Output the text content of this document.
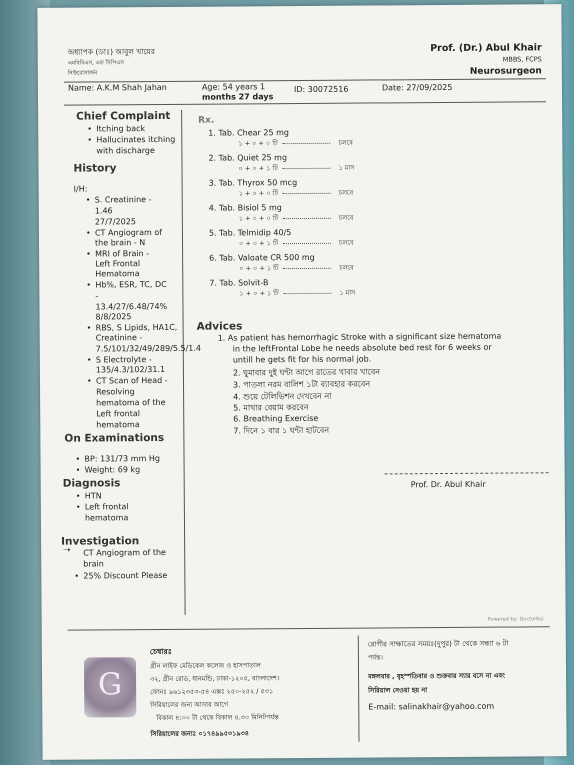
অধ্যাপক (ডাঃ) আবুল খায়ের
এমবিবিএস, এফ সিপিএস
নিউরোসার্জন
Prof. (Dr.) Abul Khair
MBBS, FCPS
Neurosurgeon
Name: A.K.M Shah Jahan	Age: 54 years 1
months 27 days
ID: 30072516	Date: 27/09/2025
Chief Complaint
• Itching back
• Hallucinates itching
with discharge
History
I/H:
• S. Creatinine -
1.46
27/7/2025
• CT Angiogram of
the brain - N
• MRI of Brain -
Left Frontal
Hematoma
• Hb%, ESR, TC, DC
-
13.4/27/6.48/74%
8/8/2025
• RBS, S Lipids, HA1C,
Creatinine -
7.5/101/32/49/289/5.5/1.4
• S Electrolyte -
135/4.3/102/31.1
• CT Scan of Head -
Resolving
hematoma of the
Left frontal
hematoma
On Examinations
• BP: 131/73 mm Hg
• Weight: 69 kg
Diagnosis
• HTN
• Left frontal
hematoma
Investigation
➝ CT Angiogram of the
brain
• 25% Discount Please
Rx.
1. Tab. Chear 25 mg
১ + ০ + ০ টি	চলবে
2. Tab. Quiet 25 mg
০ + ০ + ১ টি	১ মাস
3. Tab. Thyrox 50 mcg
১ + ০ + ০ টি	চলবে
4. Tab. Bisiol 5 mg
১ + ০ + ০ টি	চলবে
5. Tab. Telmidip 40/5
০ + ০ + ১ টি	চলবে
6. Tab. Valoate CR 500 mg
০ + ০ + ১ টি	চলবে
7. Tab. Solvit-B
১ + ০ + ১ টি	১ মাস
Advices
1. As patient has hemorrhagic Stroke with a significant size hematoma
in the leftFrontal Lobe he needs absolute bed rest for 6 weeks or
untill he gets fit for his normal job.
2. ঘুমাবার দুই ঘন্টা আগে রাতের খাবার খাবেন
3. পাতলা নরম বালিশ ১টা ব্যাবহার করবেন
4. শুয়ে টেলিভিশন দেখবেন না
5. মাথার বেয়াম করবেন
6. Breathing Exercise
7. দিনে ১ বার ১ ঘন্টা হাটবেন
Prof. Dr. Abul Khair
Powered by: DoctorKoi
G
চেম্বারঃ
গ্রীন লাইফ মেডিকেল কলেজ ও হাসপাতাল
৩২, গ্রীন রোড, ধানমন্ডি, ঢাকা-১২০৫, বাংলাদেশ।
ফোনঃ ৯৬১২৩৫৩-৫৪ এক্সঃ ২৫০-২৫২ / ৫৩১
সিরিয়ালের জন্য আসার আগে
বিকাল ৪:০০ টা থেকে বিকাল ৪.৩০ মিনিটপর্যন্ত
সিরিয়ালের জন্যঃ ০১৭৪৯৯৫৩১৯৩৪
রোগীর সাক্ষাতের সময়ঃ(দুপুর) টা থেকে সন্ধ্যা ৬ টা
পর্যন্ত।
মঙ্গলবার , বৃহস্পতিবার ও শুক্রবার স্যার বসে না এবং
সিরিয়াল নেওয়া হয় না
E-mail: salinakhair@yahoo.com
